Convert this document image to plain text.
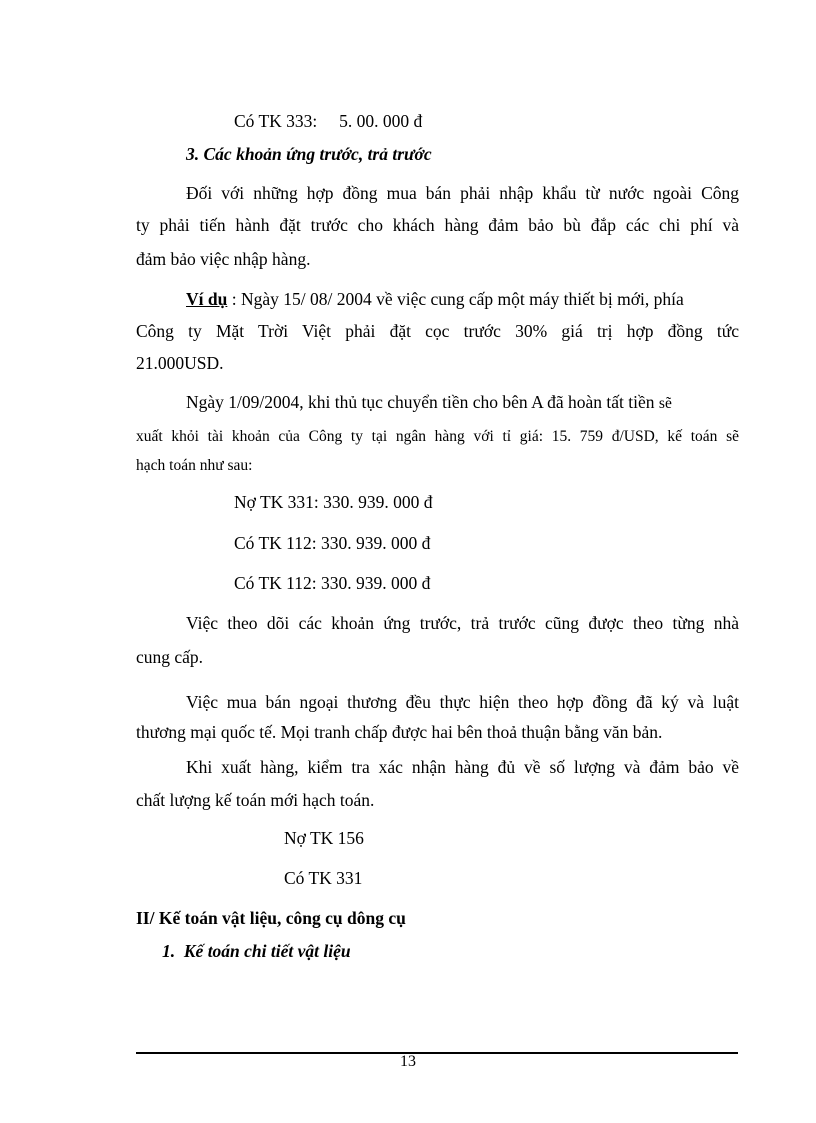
Có TK 333:     5. 00. 000 đ
3. Các khoản ứng trước, trả trước
Đối với những hợp đồng mua bán phải nhập khẩu từ nước ngoài Công
ty phải tiến hành đặt trước cho khách hàng đảm bảo bù đắp các chi phí và
đảm bảo việc nhập hàng.
Ví dụ : Ngày 15/ 08/ 2004 về việc cung cấp một máy thiết bị mới, phía
Công ty Mặt Trời Việt phải đặt cọc trước 30% giá trị hợp đồng tức
21.000USD.
Ngày 1/09/2004, khi thủ tục chuyển tiền cho bên A đã hoàn tất tiền sẽ
xuất khỏi tài khoản của Công ty tại ngân hàng với tỉ giá: 15. 759 đ/USD, kế toán sẽ
hạch toán như sau:
Nợ TK 331: 330. 939. 000 đ
Có TK 112: 330. 939. 000 đ
Có TK 112: 330. 939. 000 đ
Việc theo dõi các khoản ứng trước, trả trước cũng được theo từng nhà
cung cấp.
Việc mua bán ngoại thương đều thực hiện theo hợp đồng đã ký và luật
thương mại quốc tế. Mọi tranh chấp được hai bên thoả thuận bằng văn bản.
Khi xuất hàng, kiểm tra xác nhận hàng đủ về số lượng và đảm bảo về
chất lượng kế toán mới hạch toán.
Nợ TK 156
Có TK 331
II/ Kế toán vật liệu, công cụ dông cụ
1.  Kế toán chi tiết vật liệu
13
